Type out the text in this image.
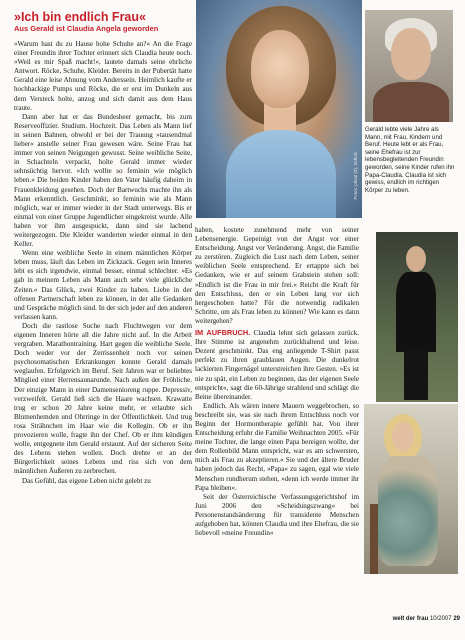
»Ich bin endlich Frau«
Aus Gerald ist Claudia Angela geworden

»Warum hast du zu Hause hohe Schuhe an?« An die Frage einer Freundin ihrer Tochter erinnert sich Claudia heute noch. »Weil es mir Spaß macht!«, lautete damals seine ehrliche Antwort. Röcke, Schuhe, Kleider. Bereits in der Pubertät hatte Gerald eine leise Ahnung vom Anderssein. Heimlich kaufte er hochhackige Pumps und Röcke, die er erst im Dunkeln aus dem Versteck holte, anzog und sich damit aus dem Haus traute.

Dann aber hat er das Bundesheer gemacht, bis zum Reserveoffizier. Studium. Hochzeit. Das Leben als Mann lief in seinen Bahnen, obwohl er bei der Trauung »tausendmal lieber« anstelle seiner Frau gewesen wäre. Seine Frau hat immer von seinen Neigungen gewusst. Seine weibliche Seite, in Schachteln verpackt, holte Gerald immer wieder sehnsüchtig hervor. »Ich wollte so feminin wie möglich leben.« Die beiden Kinder haben den Vater häufig daheim in Frauenkleidung gesehen. Doch der Bartwuchs machte ihn als Mann erkenntlich. Geschminkt, so feminin wie als Mann möglich, war er immer wieder in der Stadt unterwegs. Bis er einmal von einer Gruppe Jugendlicher eingekreist wurde. Alle haben vor ihm ausgespuckt, dann sind sie lachend weitergezogen. Die Kleider wanderten wieder einmal in den Keller.

Wenn eine weibliche Seele in einem männlichen Körper leben muss, läuft das Leben im Zickzack. Gegen sein Inneres lebt es sich irgendwie, einmal besser, einmal schlechter. »Es gab in meinem Leben als Mann auch sehr viele glückliche Zeiten.« Das Glück, zwei Kinder zu haben. Liebe in der offenen Partnerschaft leben zu können, in der alle Gedanken und Gespräche möglich sind. In der sich jeder auf den anderen verlassen kann.

Doch die rastlose Suche nach Fluchtwegen vor dem eigenen Inneren hörte all die Jahre nicht auf. In die Arbeit vergraben. Marathontraining. Hart gegen die weibliche Seele. Doch weder vor der Zerrissenheit noch vor seinen psychosomatischen Erkrankungen konnte Gerald damals weglaufen. Erfolgreich im Beruf. Seit Jahren war er beliebtes Mitglied einer Herrensaunarunde. Nach außen der Fröhliche. Der einzige Mann in einer Damensenioreng ruppe. Depressiv, verzweifelt. Gerald ließ sich die Haare wachsen. Krawatte trug er schon 20 Jahre keine mehr, er erlaubte sich Blumenhemden und Ohrringe in der Öffentlichkeit. Und trug rosa Strähnchen im Haar wie die Kollegin. Ob er ihn provozieren wolle, fragte ihn der Chef. Ob er ihm kündigen wolle, entgegnete ihm Gerald erstaunt. Auf der sicheren Seite des Lebens stehen wollen. Doch drehte er an der Bürgerlichkeit seines Lebens und riss sich von dem männlichen Äußeren zu zerbrechen.

Das Gefühl, das eigene Leben nicht gelebt zu

Fotos: privat (3), Scholz

haben, kostete zunehmend mehr von seiner Lebensenergie. Gepeinigt von der Angst vor einer Entscheidung. Angst vor Veränderung. Angst, die Familie zu zerstören. Zugleich die Lust nach dem Leben, seiner weiblichen Seele entsprechend. Er ertappte sich bei Gedanken, wie er auf seinem Grabstein stehen soll: »Endlich ist die Frau in mir frei.« Reicht die Kraft für den Entschluss, den er ein Leben lang vor sich hergeschoben hatte? Für die notwendig radikalen Schritte, um als Frau leben zu können? Wie kann es dann weitergehen?

IM AUFBRUCH. Claudia lehnt sich gelassen zurück. Ihre Stimme ist angenehm zurückhaltend und leise. Dezent geschminkt. Das eng anliegende T-Shirt passt perfekt zu ihren graublauen Augen. Die dunkelrot lackierten Fingernägel unterstreichen ihre Gesten. »Es ist nie zu spät, ein Leben zu beginnen, das der eigenen Seele entspricht«, sagt die 60-Jährige strahlend und schlägt die Beine übereinander.

Endlich. Als wären innere Mauern weggebrochen, so beschreibt sie, was sie nach ihrem Entschluss noch vor Beginn der Hormontherapie gefühlt hat. Von ihrer Entscheidung erfuhr die Familie Weihnachten 2005. »Für meine Tochter, die lange einen Papa bereigen wollte, der dem Rollenbild Mann entspricht, war es am schwersten, mich als Frau zu akzeptieren.« Sie und der ältere Bruder haben jedoch das Recht, »Papa« zu sagen, egal wie viele Menschen rundherum stehen, »denn ich werde immer ihr Papa bleiben«.

Seit der Österreichische Verfassungsgerichtshof im Juni 2006 den »Scheidungszwang« bei Personenstandsänderung für transidente Menschen aufgehoben hat, können Claudia und ihre Ehefrau, die sie liebevoll »meine Freundin«

Gerald lebte viele Jahre als Mann, mit Frau, Kindern und Beruf. Heute lebt er als Frau, seine Ehefrau ist zur lebensbegleitenden Freundin geworden, seine Kinder rufen ihn Papa-Claudia. Claudia ist sich gewiss, endlich im richtigen Körper zu leben.
welt der frau 10/2007 29
